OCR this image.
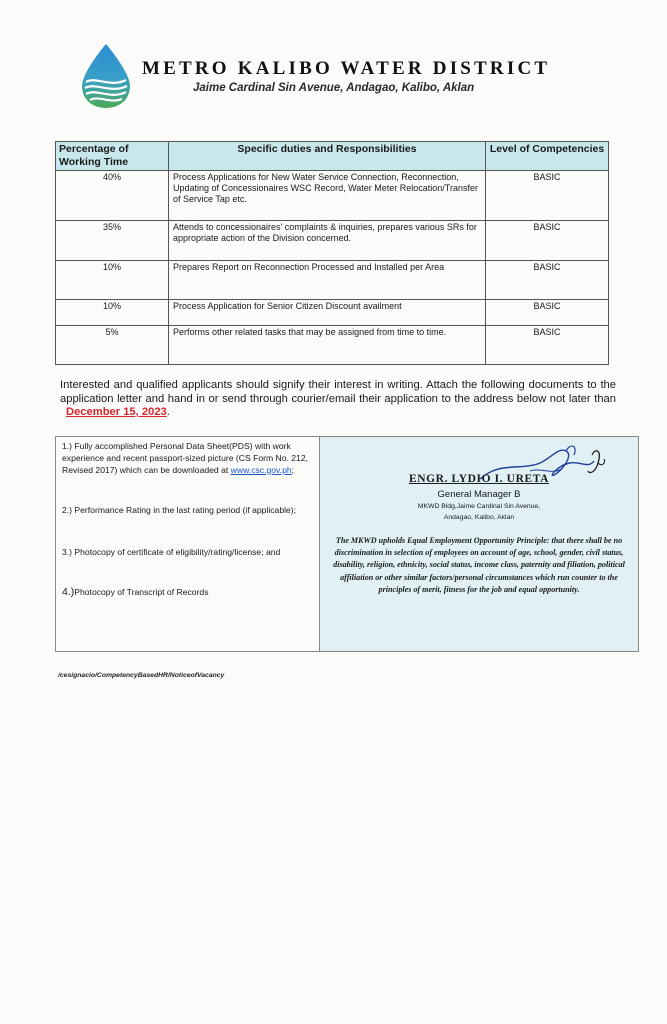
METRO KALIBO WATER DISTRICT
Jaime Cardinal Sin Avenue, Andagao, Kalibo, Aklan
Percentage of Working Time	Specific duties and Responsibilities	Level of Competencies
40%	Process Applications for New Water Service Connection, Reconnection, Updating of Concessionaires WSC Record, Water Meter Relocation/Transfer of Service Tap etc.	BASIC
35%	Attends to concessionaires' complaints & inquiries, prepares various SRs for appropriate action of the Division concerned.	BASIC
10%	Prepares Report on Reconnection Processed and Installed per Area	BASIC
10%	Process Application for Senior Citizen Discount availment	BASIC
5%	Performs other related tasks that may be assigned from time to time.	BASIC
Interested and qualified applicants should signify their interest in writing. Attach the following documents to the application letter and hand in or send through courier/email their application to the address below not later than December 15, 2023.
1.) Fully accomplished Personal Data Sheet(PDS) with work experience and recent passport-sized picture (CS Form No. 212, Revised 2017) which can be downloaded at www.csc.gov.ph;
2.) Performance Rating in the last rating period (if applicable);
3.) Photocopy of certificate of eligibility/rating/license; and
4.)Photocopy of Transcript of Records
ENGR. LYDIO I. URETA
General Manager B
MKWD Bldg,Jaime Cardinal Sin Avenue,
Andagao, Kalibo, Aklan
The MKWD upholds Equal Employment Opportunity Principle: that there shall be no discrimination in selection of employees on account of age, school, gender, civil status, disability, religion, ethnicity, social status, income class, paternity and filiation, political affiliation or other similar factors/personal circumstances which run counter to the principles of merit, fitness for the job and equal opportunity.
/cesignacio/CompetencyBasedHR/NoticeofVacancy
